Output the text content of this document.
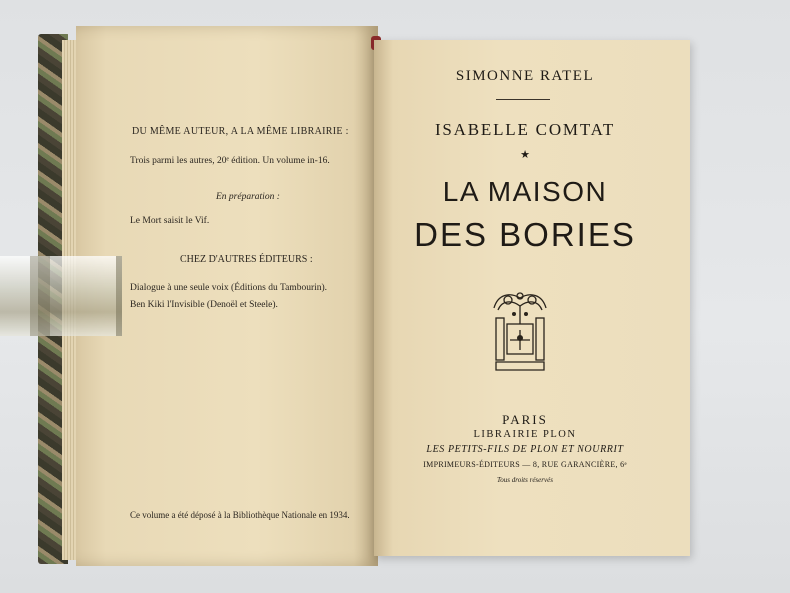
DU MÊME AUTEUR, A LA MÊME LIBRAIRIE :
Trois parmi les autres, 20ᵉ édition. Un volume in-16.
En préparation :
Le Mort saisit le Vif.
CHEZ D'AUTRES ÉDITEURS :
Dialogue à une seule voix (Éditions du Tambourin).
Ben Kiki l'Invisible (Denoël et Steele).
Ce volume a été déposé à la Bibliothèque Nationale en 1934.
SIMONNE RATEL
ISABELLE COMTAT
★
LA MAISON
DES BORIES
PARIS
LIBRAIRIE PLON
LES PETITS-FILS DE PLON ET NOURRIT
IMPRIMEURS-ÉDITEURS — 8, RUE GARANCIÈRE, 6ᵉ
Tous droits réservés
